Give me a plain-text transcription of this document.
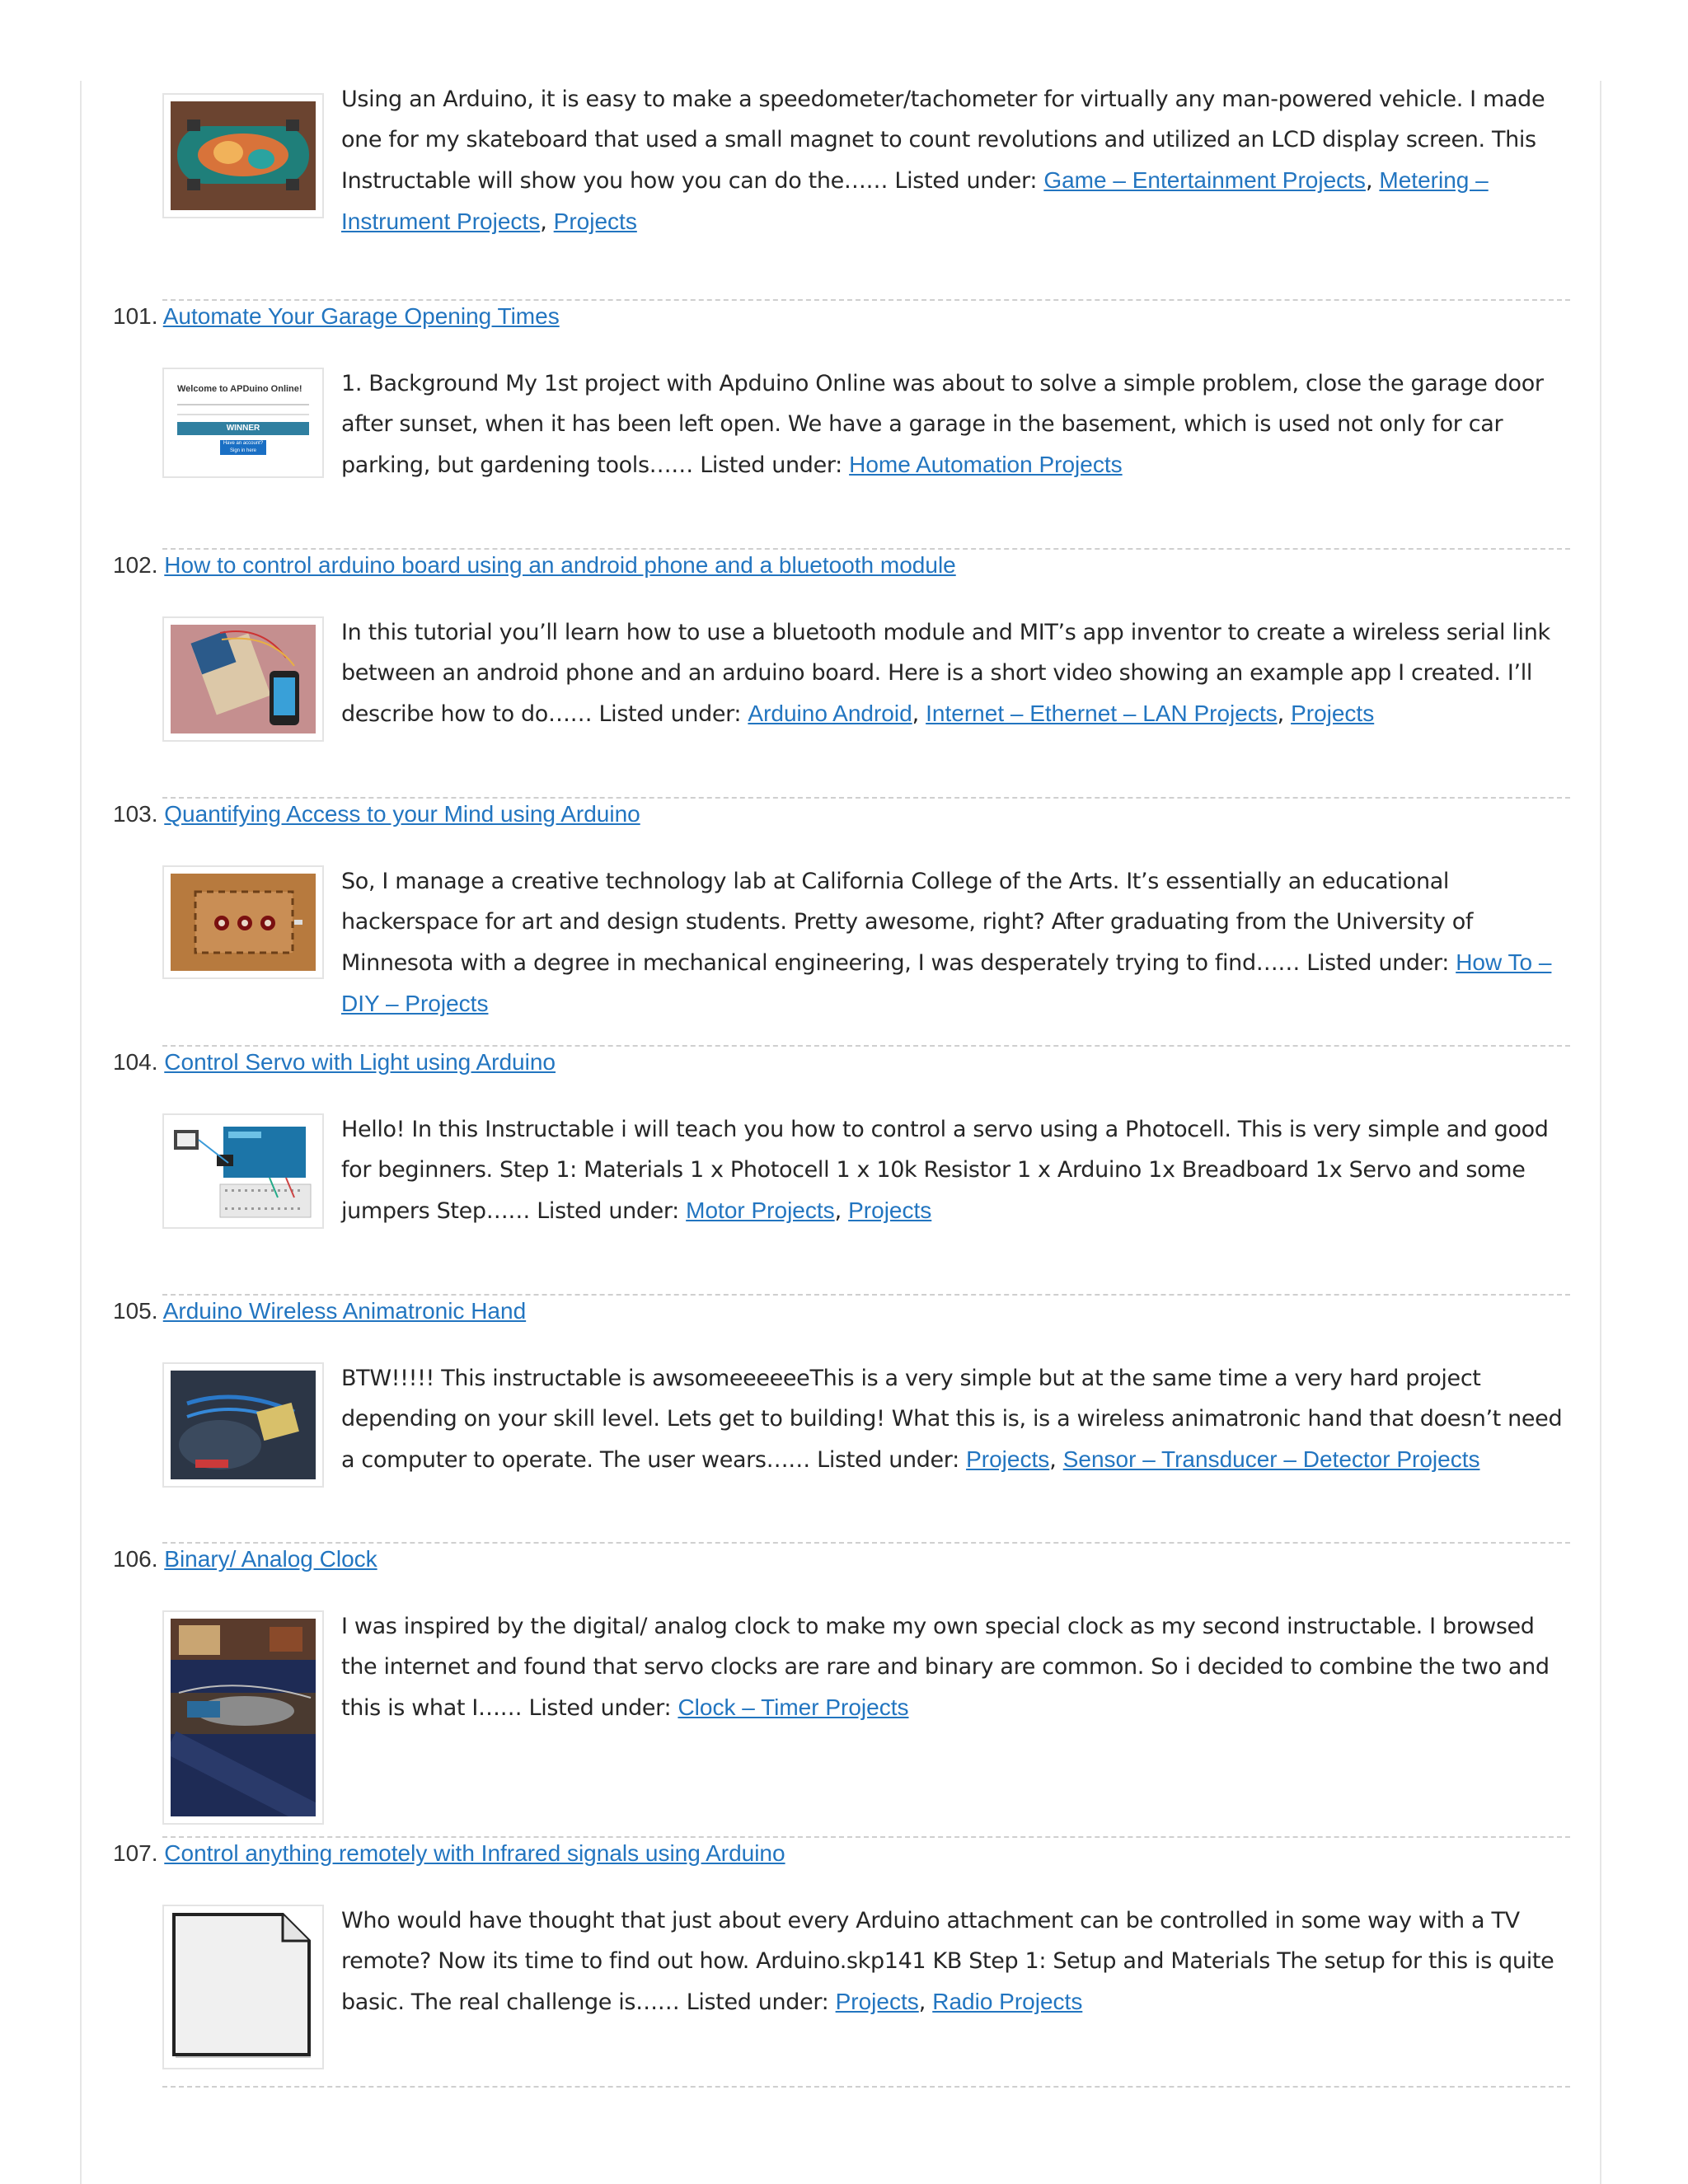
Using an Arduino, it is easy to make a speedometer/tachometer for virtually any man-powered vehicle. I made one for my skateboard that used a small magnet to count revolutions and utilized an LCD display screen. This Instructable will show you how you can do the…… Listed under: Game – Entertainment Projects, Metering – Instrument Projects, Projects
101. Automate Your Garage Opening Times
Welcome to APDuino Online!
WINNER
Have an account? Sign in here
1. Background My 1st project with Apduino Online was about to solve a simple problem, close the garage door after sunset, when it has been left open. We have a garage in the basement, which is used not only for car parking, but gardening tools…… Listed under: Home Automation Projects
102. How to control arduino board using an android phone and a bluetooth module
In this tutorial you’ll learn how to use a bluetooth module and MIT’s app inventor to create a wireless serial link between an android phone and an arduino board. Here is a short video showing an example app I created. I’ll describe how to do…… Listed under: Arduino Android, Internet – Ethernet – LAN Projects, Projects
103. Quantifying Access to your Mind using Arduino
So, I manage a creative technology lab at California College of the Arts. It’s essentially an educational hackerspace for art and design students. Pretty awesome, right? After graduating from the University of Minnesota with a degree in mechanical engineering, I was desperately trying to find…… Listed under: How To – DIY – Projects
104. Control Servo with Light using Arduino
Hello! In this Instructable i will teach you how to control a servo using a Photocell. This is very simple and good for beginners. Step 1: Materials 1 x Photocell 1 x 10k Resistor 1 x Arduino 1x Breadboard 1x Servo and some jumpers Step…… Listed under: Motor Projects, Projects
105. Arduino Wireless Animatronic Hand
BTW!!!!! This instructable is awsomeeeeeeThis is a very simple but at the same time a very hard project depending on your skill level. Lets get to building! What this is, is a wireless animatronic hand that doesn’t need a computer to operate. The user wears…… Listed under: Projects, Sensor – Transducer – Detector Projects
106. Binary/ Analog Clock
I was inspired by the digital/ analog clock to make my own special clock as my second instructable. I browsed the internet and found that servo clocks are rare and binary are common. So i decided to combine the two and this is what I…… Listed under: Clock – Timer Projects
107. Control anything remotely with Infrared signals using Arduino
Who would have thought that just about every Arduino attachment can be controlled in some way with a TV remote? Now its time to find out how. Arduino.skp141 KB Step 1: Setup and Materials The setup for this is quite basic. The real challenge is…… Listed under: Projects, Radio Projects
